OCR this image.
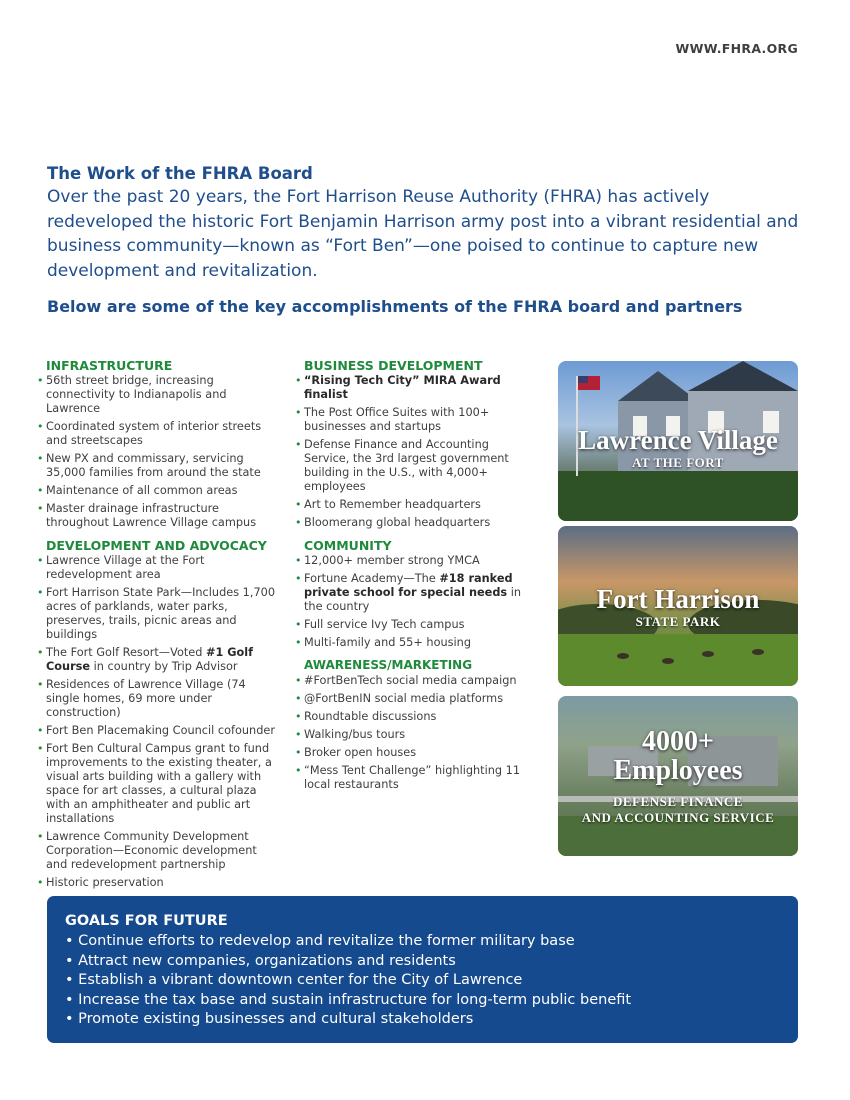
WWW.FHRA.ORG
The Work of the FHRA Board

Over the past 20 years, the Fort Harrison Reuse Authority (FHRA) has actively redeveloped the historic Fort Benjamin Harrison army post into a vibrant residential and business community—known as “Fort Ben”—one poised to continue to capture new development and revitalization.

Below are some of the key accomplishments of the FHRA board and partners
INFRASTRUCTURE
• 56th street bridge, increasing connectivity to Indianapolis and Lawrence
• Coordinated system of interior streets and streetscapes
• New PX and commissary, servicing 35,000 families from around the state
• Maintenance of all common areas
• Master drainage infrastructure throughout Lawrence Village campus
DEVELOPMENT AND ADVOCACY
• Lawrence Village at the Fort redevelopment area
• Fort Harrison State Park—Includes 1,700 acres of parklands, water parks, preserves, trails, picnic areas and buildings
• The Fort Golf Resort—Voted #1 Golf Course in country by Trip Advisor
• Residences of Lawrence Village (74 single homes, 69 more under construction)
• Fort Ben Placemaking Council cofounder
• Fort Ben Cultural Campus grant to fund improvements to the existing theater, a visual arts building with a gallery with space for art classes, a cultural plaza with an amphitheater and public art installations
• Lawrence Community Development Corporation—Economic development and redevelopment partnership
• Historic preservation
BUSINESS DEVELOPMENT
• “Rising Tech City” MIRA Award finalist
• The Post Office Suites with 100+ businesses and startups
• Defense Finance and Accounting Service, the 3rd largest government building in the U.S., with 4,000+ employees
• Art to Remember headquarters
• Bloomerang global headquarters
COMMUNITY
• 12,000+ member strong YMCA
• Fortune Academy—The #18 ranked private school for special needs in the country
• Full service Ivy Tech campus
• Multi-family and 55+ housing
AWARENESS/MARKETING
• #FortBenTech social media campaign
• @FortBenIN social media platforms
• Roundtable discussions
• Walking/bus tours
• Broker open houses
• “Mess Tent Challenge” highlighting 11 local restaurants
Lawrence Village
AT THE FORT
Fort Harrison
STATE PARK
4000+
Employees
DEFENSE FINANCE
AND ACCOUNTING SERVICE
GOALS FOR FUTURE
• Continue efforts to redevelop and revitalize the former military base
• Attract new companies, organizations and residents
• Establish a vibrant downtown center for the City of Lawrence
• Increase the tax base and sustain infrastructure for long-term public benefit
• Promote existing businesses and cultural stakeholders
